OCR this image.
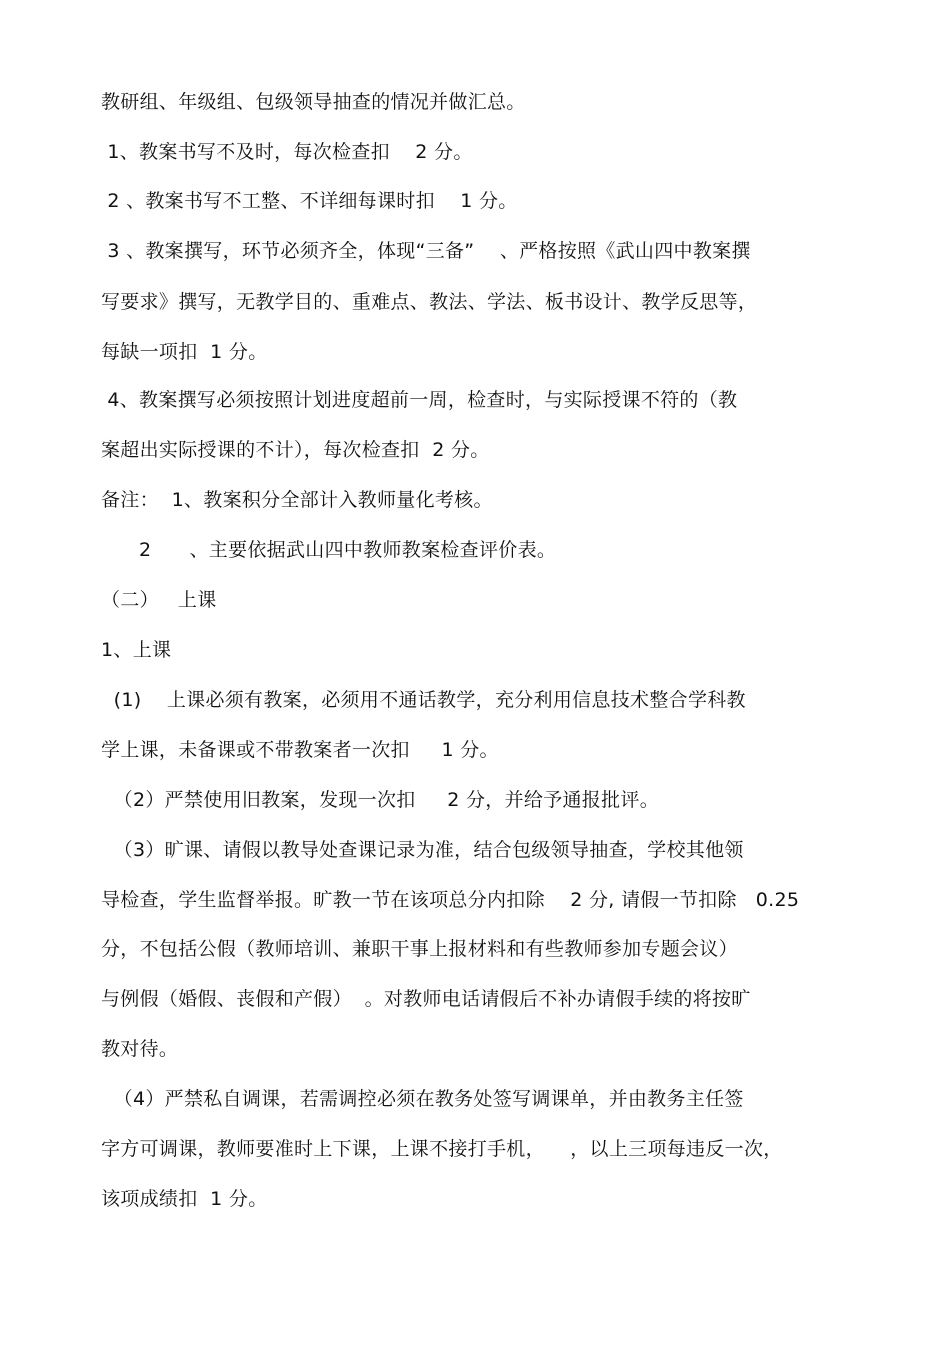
教研组、年级组、包级领导抽查的情况并做汇总。
1、教案书写不及时，每次检查扣    2 分。
2 、教案书写不工整、不详细每课时扣    1 分。
3 、教案撰写，环节必须齐全，体现“三备”    、严格按照《武山四中教案撰
写要求》撰写，无教学目的、重难点、教法、学法、板书设计、教学反思等，
每缺一项扣  1 分。
4、教案撰写必须按照计划进度超前一周，检查时，与实际授课不符的（教
案超出实际授课的不计），每次检查扣  2 分。
备注：  1、教案积分全部计入教师量化考核。
2      、主要依据武山四中教师教案检查评价表。
（二）   上课
1、上课
(1)    上课必须有教案，必须用不通话教学，充分利用信息技术整合学科教
学上课，未备课或不带教案者一次扣     1 分。
（2）严禁使用旧教案，发现一次扣     2 分，并给予通报批评。
（3）旷课、请假以教导处查课记录为准，结合包级领导抽查，学校其他领
导检查，学生监督举报。旷教一节在该项总分内扣除    2 分, 请假一节扣除   0.25
分，不包括公假（教师培训、兼职干事上报材料和有些教师参加专题会议）
与例假（婚假、丧假和产假）  。对教师电话请假后不补办请假手续的将按旷
教对待。
（4）严禁私自调课，若需调控必须在教务处签写调课单，并由教务主任签
字方可调课，教师要准时上下课，上课不接打手机，    ，以上三项每违反一次，
该项成绩扣  1 分。
